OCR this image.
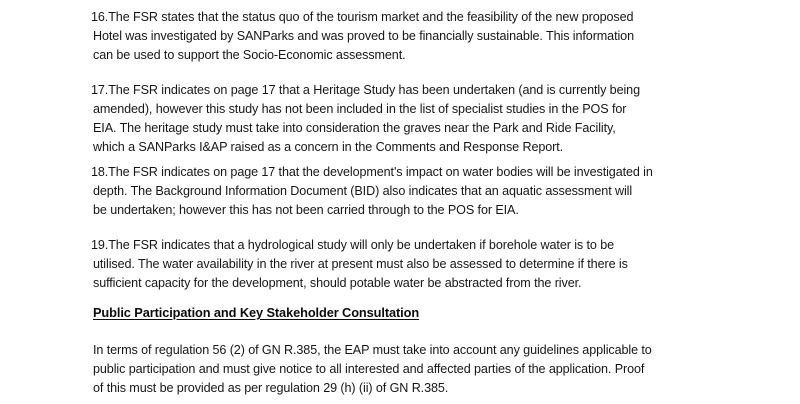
16.The FSR states that the status quo of the tourism market and the feasibility of the new proposed
Hotel was investigated by SANParks and was proved to be financially sustainable. This information
can be used to support the Socio-Economic assessment.
17.The FSR indicates on page 17 that a Heritage Study has been undertaken (and is currently being
amended), however this study has not been included in the list of specialist studies in the POS for
EIA. The heritage study must take into consideration the graves near the Park and Ride Facility,
which a SANParks I&AP raised as a concern in the Comments and Response Report.
18.The FSR indicates on page 17 that the development's impact on water bodies will be investigated in
depth. The Background Information Document (BID) also indicates that an aquatic assessment will
be undertaken; however this has not been carried through to the POS for EIA.
19.The FSR indicates that a hydrological study will only be undertaken if borehole water is to be
utilised. The water availability in the river at present must also be assessed to determine if there is
sufficient capacity for the development, should potable water be abstracted from the river.
Public Participation and Key Stakeholder Consultation
In terms of regulation 56 (2) of GN R.385, the EAP must take into account any guidelines applicable to
public participation and must give notice to all interested and affected parties of the application. Proof
of this must be provided as per regulation 29 (h) (ii) of GN R.385.
